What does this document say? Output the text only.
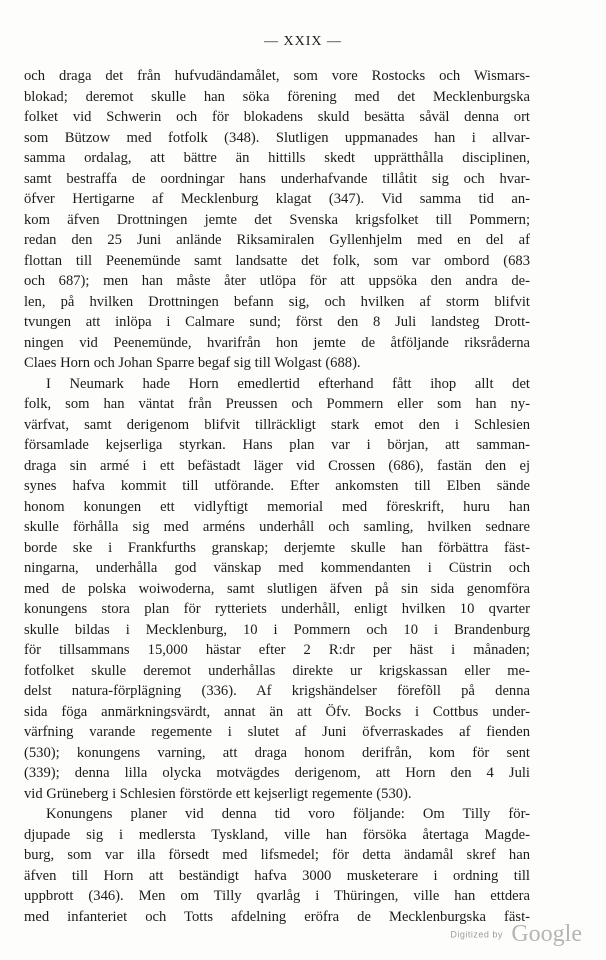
— XXIX —
och draga det från hufvudändamålet, som vore Rostocks och Wismars-
blokad; deremot skulle han söka förening med det Mecklenburgska
folket vid Schwerin och för blokadens skuld besätta såväl denna ort
som Bützow med fotfolk (348). Slutligen uppmanades han i allvar-
samma ordalag, att bättre än hittills skedt upprätthålla disciplinen,
samt bestraffa de oordningar hans underhafvande tillåtit sig och hvar-
öfver Hertigarne af Mecklenburg klagat (347). Vid samma tid an-
kom äfven Drottningen jemte det Svenska krigsfolket till Pommern;
redan den 25 Juni anlände Riksamiralen Gyllenhjelm med en del af
flottan till Peenemünde samt landsatte det folk, som var ombord (683
och 687); men han måste åter utlöpa för att uppsöka den andra de-
len, på hvilken Drottningen befann sig, och hvilken af storm blifvit
tvungen att inlöpa i Calmare sund; först den 8 Juli landsteg Drott-
ningen vid Peenemünde, hvarifrån hon jemte de åtföljande riksråderna
Claes Horn och Johan Sparre begaf sig till Wolgast (688).
I Neumark hade Horn emedlertid efterhand fått ihop allt det
folk, som han väntat från Preussen och Pommern eller som han ny-
värfvat, samt derigenom blifvit tillräckligt stark emot den i Schlesien
församlade kejserliga styrkan. Hans plan var i början, att samman-
draga sin armé i ett befästadt läger vid Crossen (686), fastän den ej
synes hafva kommit till utförande. Efter ankomsten till Elben sände
honom konungen ett vidlyftigt memorial med föreskrift, huru han
skulle förhålla sig med arméns underhåll och samling, hvilken sednare
borde ske i Frankfurths granskap; derjemte skulle han förbättra fäst-
ningarna, underhålla god vänskap med kommendanten i Cüstrin och
med de polska woiwoderna, samt slutligen äfven på sin sida genomföra
konungens stora plan för rytteriets underhåll, enligt hvilken 10 qvarter
skulle bildas i Mecklenburg, 10 i Pommern och 10 i Brandenburg
för tillsammans 15,000 hästar efter 2 R:dr per häst i månaden;
fotfolket skulle deremot underhållas direkte ur krigskassan eller me-
delst natura-förplägning (336). Af krigshändelser förefõll på denna
sida föga anmärkningsvärdt, annat än att Öfv. Bocks i Cottbus under-
värfning varande regemente i slutet af Juni öfverraskades af fienden
(530); konungens varning, att draga honom derifrån, kom för sent
(339); denna lilla olycka motvägdes derigenom, att Horn den 4 Juli
vid Grüneberg i Schlesien förstörde ett kejserligt regemente (530).
Konungens planer vid denna tid voro följande: Om Tilly för-
djupade sig i medlersta Tyskland, ville han försöka återtaga Magde-
burg, som var illa försedt med lifsmedel; för detta ändamål skref han
äfven till Horn att beständigt hafva 3000 musketerare i ordning till
uppbrott (346). Men om Tilly qvarlåg i Thüringen, ville han ettdera
med infanteriet och Totts afdelning eröfra de Mecklenburgska fäst-
Digitized by Google
